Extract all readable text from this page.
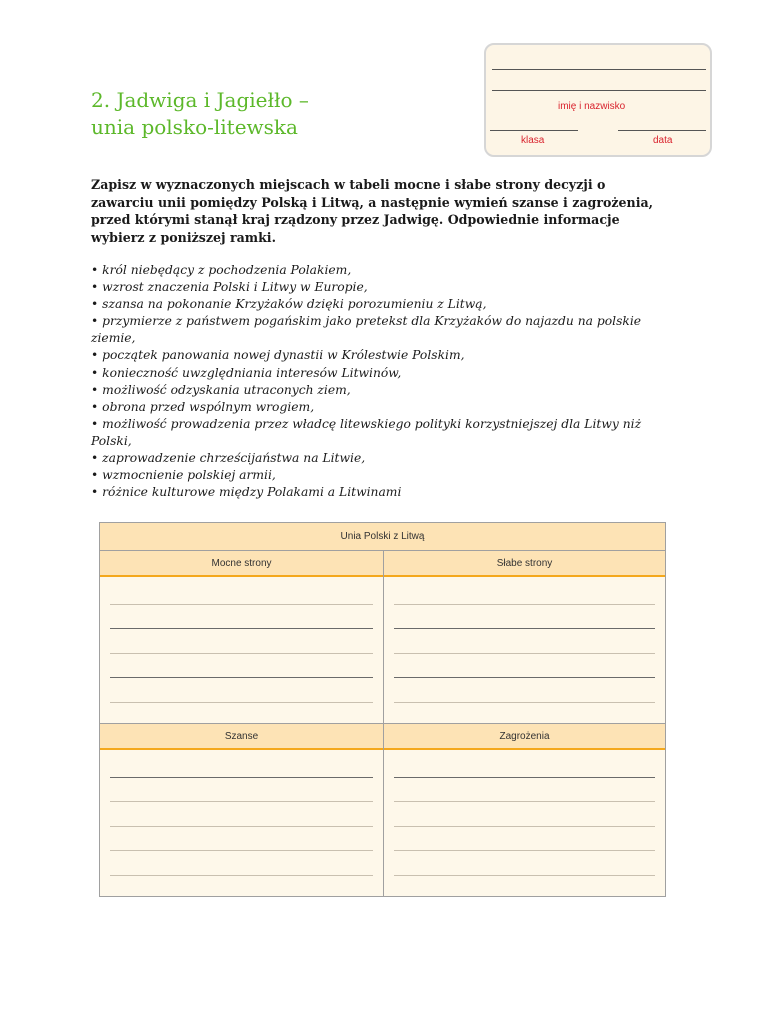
2. Jadwiga i Jagiełło –
unia polsko-litewska
imię i nazwisko
klasa	data
Zapisz w wyznaczonych miejscach w tabeli mocne i słabe strony decyzji o zawarciu unii pomiędzy Polską i Litwą, a następnie wymień szanse i zagrożenia, przed którymi stanął kraj rządzony przez Jadwigę. Odpowiednie informacje wybierz z poniższej ramki.
• król niebędący z pochodzenia Polakiem,
• wzrost znaczenia Polski i Litwy w Europie,
• szansa na pokonanie Krzyżaków dzięki porozumieniu z Litwą,
• przymierze z państwem pogańskim jako pretekst dla Krzyżaków do najazdu na polskie ziemie,
• początek panowania nowej dynastii w Królestwie Polskim,
• konieczność uwzględniania interesów Litwinów,
• możliwość odzyskania utraconych ziem,
• obrona przed wspólnym wrogiem,
• możliwość prowadzenia przez władcę litewskiego polityki korzystniejszej dla Litwy niż Polski,
• zaprowadzenie chrześcijaństwa na Litwie,
• wzmocnienie polskiej armii,
• różnice kulturowe między Polakami a Litwinami
Unia Polski z Litwą
Mocne strony	Słabe strony
Szanse	Zagrożenia
